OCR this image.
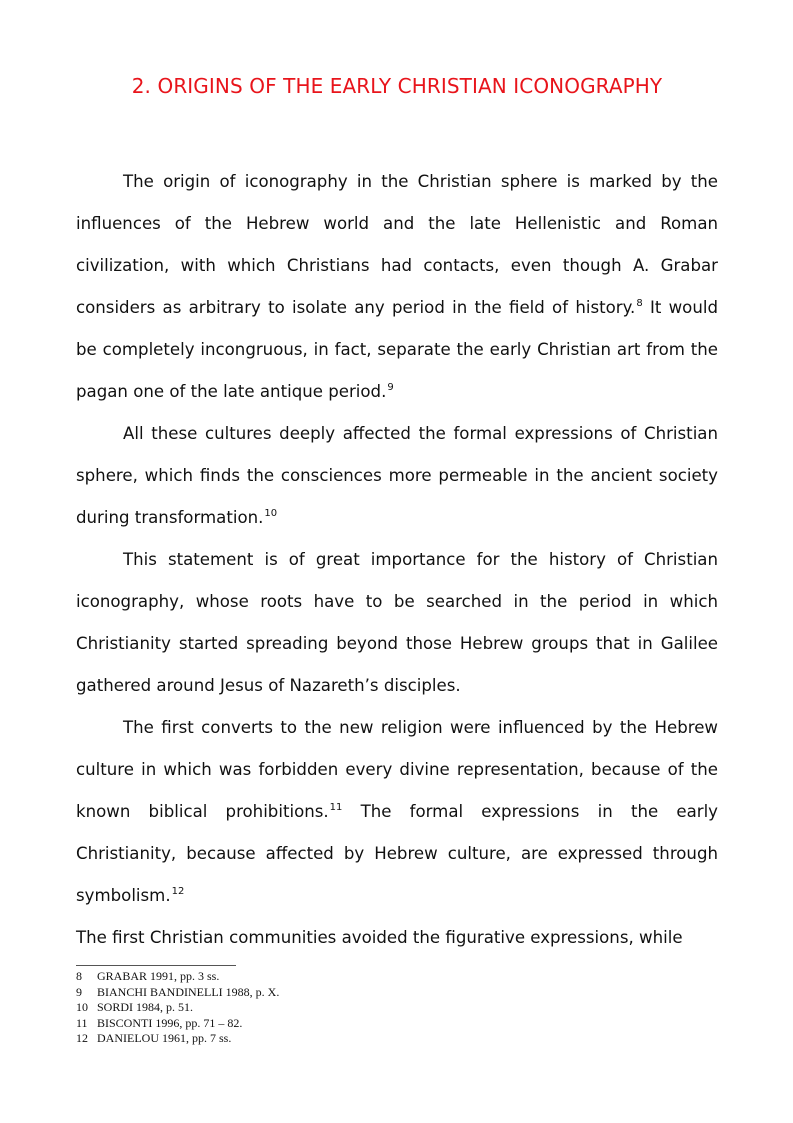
2. ORIGINS OF THE EARLY CHRISTIAN ICONOGRAPHY

The origin of iconography in the Christian sphere is marked by the influences of the Hebrew world and the late Hellenistic and Roman civilization, with which Christians had contacts, even though A. Grabar considers as arbitrary to isolate any period in the field of history.$^8$ It would be completely incongruous, in fact, separate the early Christian art from the pagan one of the late antique period.$^9$

All these cultures deeply affected the formal expressions of Christian sphere, which finds the consciences more permeable in the ancient society during transformation.$^{10}$

This statement is of great importance for the history of Christian iconography, whose roots have to be searched in the period in which Christianity started spreading beyond those Hebrew groups that in Galilee gathered around Jesus of Nazareth’s disciples.

The first converts to the new religion were influenced by the Hebrew culture in which was forbidden every divine representation, because of the known biblical prohibitions.$^{11}$ The formal expressions in the early Christianity, because affected by Hebrew culture, are expressed through symbolism.$^{12}$

The first Christian communities avoided the figurative expressions, while

8 GRABAR 1991, pp. 3 ss.
9 BIANCHI BANDINELLI 1988, p. X.
10 SORDI 1984, p. 51.
11 BISCONTI 1996, pp. 71 – 82.
12 DANIELOU 1961, pp. 7 ss.
